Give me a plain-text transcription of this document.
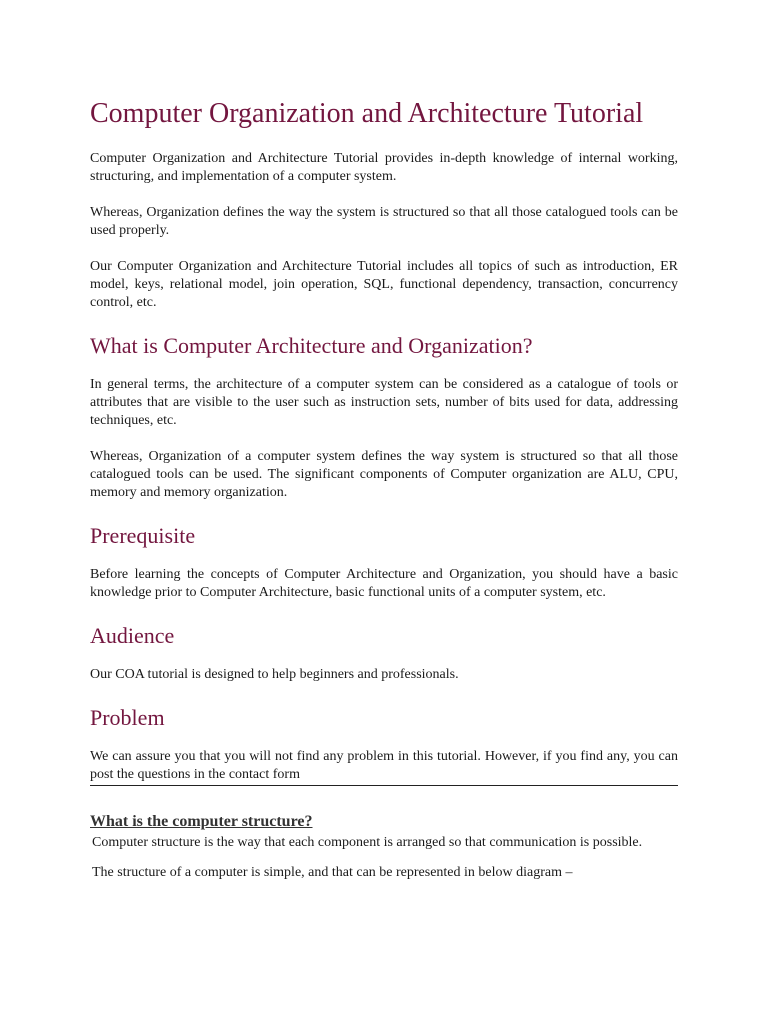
Computer Organization and Architecture Tutorial

Computer Organization and Architecture Tutorial provides in-depth knowledge of internal working, structuring, and implementation of a computer system.

Whereas, Organization defines the way the system is structured so that all those catalogued tools can be used properly.

Our Computer Organization and Architecture Tutorial includes all topics of such as introduction, ER model, keys, relational model, join operation, SQL, functional dependency, transaction, concurrency control, etc.

What is Computer Architecture and Organization?

In general terms, the architecture of a computer system can be considered as a catalogue of tools or attributes that are visible to the user such as instruction sets, number of bits used for data, addressing techniques, etc.

Whereas, Organization of a computer system defines the way system is structured so that all those catalogued tools can be used. The significant components of Computer organization are ALU, CPU, memory and memory organization.

Prerequisite

Before learning the concepts of Computer Architecture and Organization, you should have a basic knowledge prior to Computer Architecture, basic functional units of a computer system, etc.

Audience

Our COA tutorial is designed to help beginners and professionals.

Problem

We can assure you that you will not find any problem in this tutorial. However, if you find any, you can post the questions in the contact form

What is the computer structure?

Computer structure is the way that each component is arranged so that communication is possible.

The structure of a computer is simple, and that can be represented in below diagram –
